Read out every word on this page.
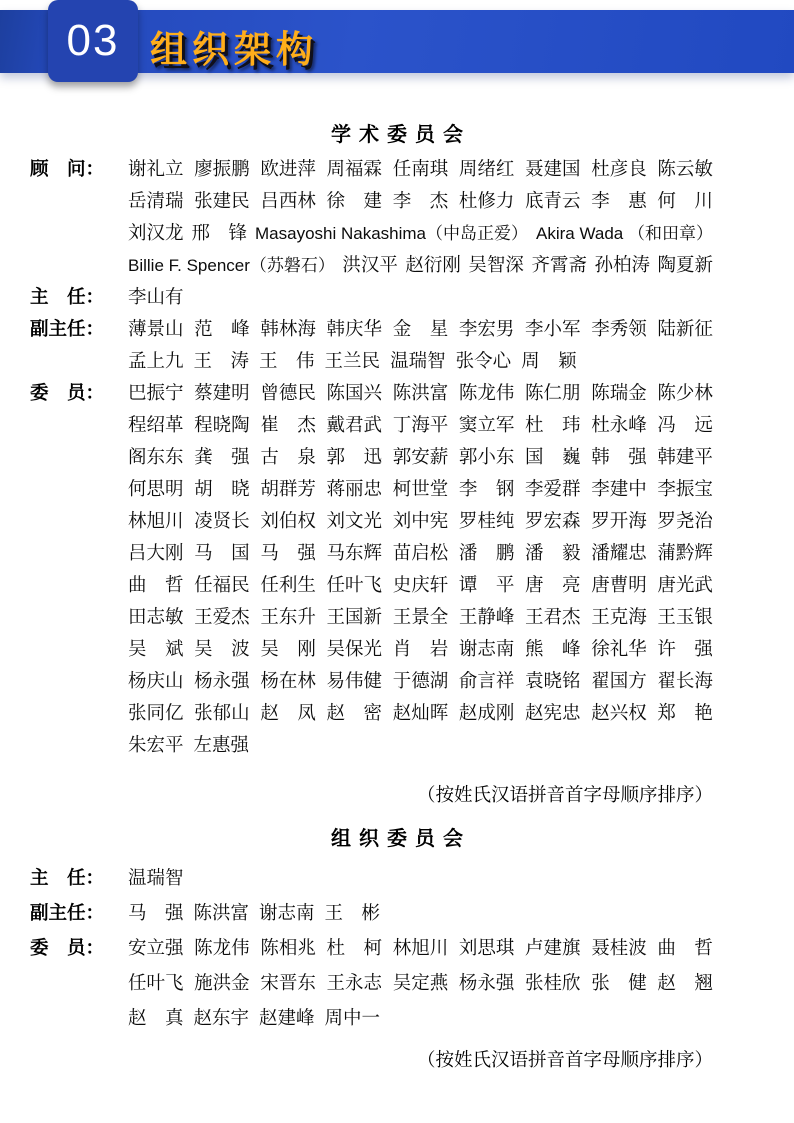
03 组织架构
学术委员会
顾　问：	谢礼立 廖振鹏 欧进萍 周福霖 任南琪 周绪红 聂建国 杜彦良 陈云敏
岳清瑞 张建民 吕西林 徐　建 李　杰 杜修力 底青云 李　惠 何　川
刘汉龙 邢　锋 Masayoshi Nakashima（中岛正爱） Akira Wada （和田章）
Billie F. Spencer（苏磐石） 洪汉平 赵衍刚 吴智深 齐霄斋 孙柏涛 陶夏新
主　任：	李山有
副主任：	薄景山 范　峰 韩林海 韩庆华 金　星 李宏男 李小军 李秀领 陆新征
孟上九 王　涛 王　伟 王兰民 温瑞智 张令心 周　颖
委　员：	巴振宁 蔡建明 曾德民 陈国兴 陈洪富 陈龙伟 陈仁朋 陈瑞金 陈少林
程绍革 程晓陶 崔　杰 戴君武 丁海平 窦立军 杜　玮 杜永峰 冯　远
阁东东 龚　强 古　泉 郭　迅 郭安薪 郭小东 国　巍 韩　强 韩建平
何思明 胡　晓 胡群芳 蒋丽忠 柯世堂 李　钢 李爱群 李建中 李振宝
林旭川 凌贤长 刘伯权 刘文光 刘中宪 罗桂纯 罗宏森 罗开海 罗尧治
吕大刚 马　国 马　强 马东辉 苗启松 潘　鹏 潘　毅 潘耀忠 蒲黔辉
曲　哲 任福民 任利生 任叶飞 史庆轩 谭　平 唐　亮 唐曹明 唐光武
田志敏 王爱杰 王东升 王国新 王景全 王静峰 王君杰 王克海 王玉银
吴　斌 吴　波 吴　刚 吴保光 肖　岩 谢志南 熊　峰 徐礼华 许　强
杨庆山 杨永强 杨在林 易伟健 于德湖 俞言祥 袁晓铭 翟国方 翟长海
张同亿 张郁山 赵　凤 赵　密 赵灿晖 赵成刚 赵宪忠 赵兴权 郑　艳
朱宏平 左惠强
（按姓氏汉语拼音首字母顺序排序）
组织委员会
主　任：	温瑞智
副主任：	马　强 陈洪富 谢志南 王　彬
委　员：	安立强 陈龙伟 陈相兆 杜　柯 林旭川 刘思琪 卢建旗 聂桂波 曲　哲
任叶飞 施洪金 宋晋东 王永志 吴定燕 杨永强 张桂欣 张　健 赵　翘
赵　真 赵东宇 赵建峰 周中一
（按姓氏汉语拼音首字母顺序排序）
